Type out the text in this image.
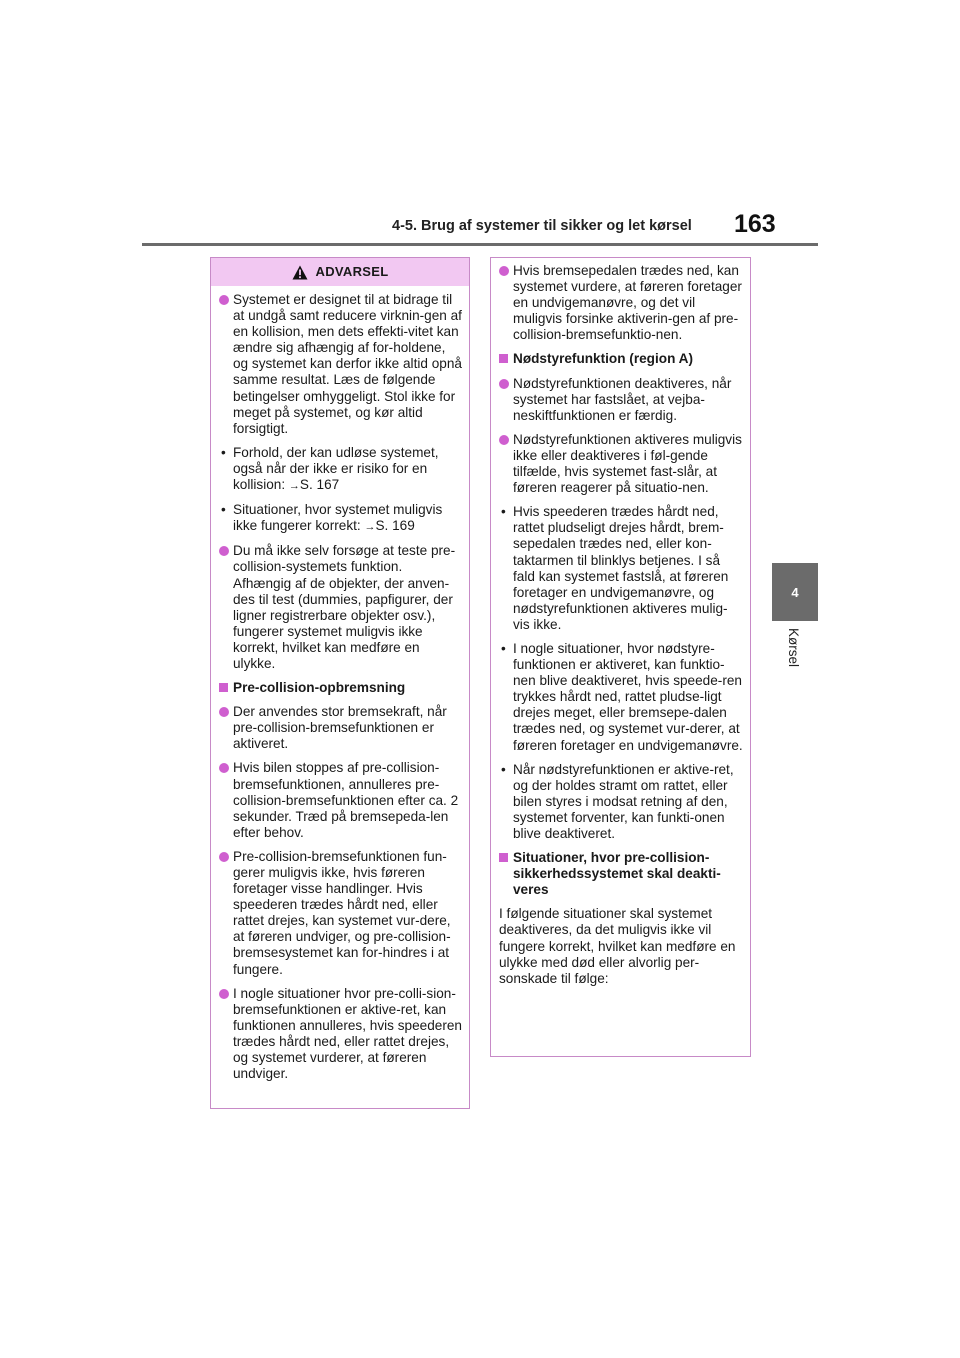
4-5. Brug af systemer til sikker og let kørsel 163
4
Kørsel
ADVARSEL

Systemet er designet til at bidrage til at undgå samt reducere virknin-gen af en kollision, men dets effekti-vitet kan ændre sig afhængig af for-holdene, og systemet kan derfor ikke altid opnå samme resultat. Læs de følgende betingelser omhyggeligt. Stol ikke for meget på systemet, og kør altid forsigtigt.

• Forhold, der kan udløse systemet, også når der ikke er risiko for en kollision: →S. 167
• Situationer, hvor systemet muligvis ikke fungerer korrekt: →S. 169

Du må ikke selv forsøge at teste pre-collision-systemets funktion. Afhængig af de objekter, der anven-des til test (dummies, papfigurer, der ligner registrerbare objekter osv.), fungerer systemet muligvis ikke korrekt, hvilket kan medføre en ulykke.

Pre-collision-opbremsning

Der anvendes stor bremsekraft, når pre-collision-bremsefunktionen er aktiveret.

Hvis bilen stoppes af pre-collision-bremsefunktionen, annulleres pre-collision-bremsefunktionen efter ca. 2 sekunder. Træd på bremsepeda-len efter behov.

Pre-collision-bremsefunktionen fun-gerer muligvis ikke, hvis føreren foretager visse handlinger. Hvis speederen trædes hårdt ned, eller rattet drejes, kan systemet vur-dere, at føreren undviger, og pre-collision-bremsesystemet kan for-hindres i at fungere.

I nogle situationer hvor pre-colli-sion-bremsefunktionen er aktive-ret, kan funktionen annulleres, hvis speederen trædes hårdt ned, eller rattet drejes, og systemet vurderer, at føreren undviger.

Hvis bremsepedalen trædes ned, kan systemet vurdere, at føreren foretager en undvigemanøvre, og det vil muligvis forsinke aktiverin-gen af pre-collision-bremsefunktio-nen.

Nødstyrefunktion (region A)

Nødstyrefunktionen deaktiveres, når systemet har fastslået, at vejba-neskiftfunktionen er færdig.

Nødstyrefunktionen aktiveres muligvis ikke eller deaktiveres i føl-gende tilfælde, hvis systemet fast-slår, at føreren reagerer på situatio-nen.

• Hvis speederen trædes hårdt ned, rattet pludseligt drejes hårdt, brem-sepedalen trædes ned, eller kon-taktarmen til blinklys betjenes. I så fald kan systemet fastslå, at føreren foretager en undvigemanøvre, og nødstyrefunktionen aktiveres mulig-vis ikke.

• I nogle situationer, hvor nødstyre-funktionen er aktiveret, kan funktio-nen blive deaktiveret, hvis speede-ren trykkes hårdt ned, rattet pludse-ligt drejes meget, eller bremsepe-dalen trædes ned, og systemet vur-derer, at føreren foretager en undvigemanøvre.

• Når nødstyrefunktionen er aktive-ret, og der holdes stramt om rattet, eller bilen styres i modsat retning af den, systemet forventer, kan funkti-onen blive deaktiveret.

Situationer, hvor pre-collision-sikkerhedssystemet skal deakti-veres

I følgende situationer skal systemet deaktiveres, da det muligvis ikke vil fungere korrekt, hvilket kan medføre en ulykke med død eller alvorlig per-sonskade til følge:
